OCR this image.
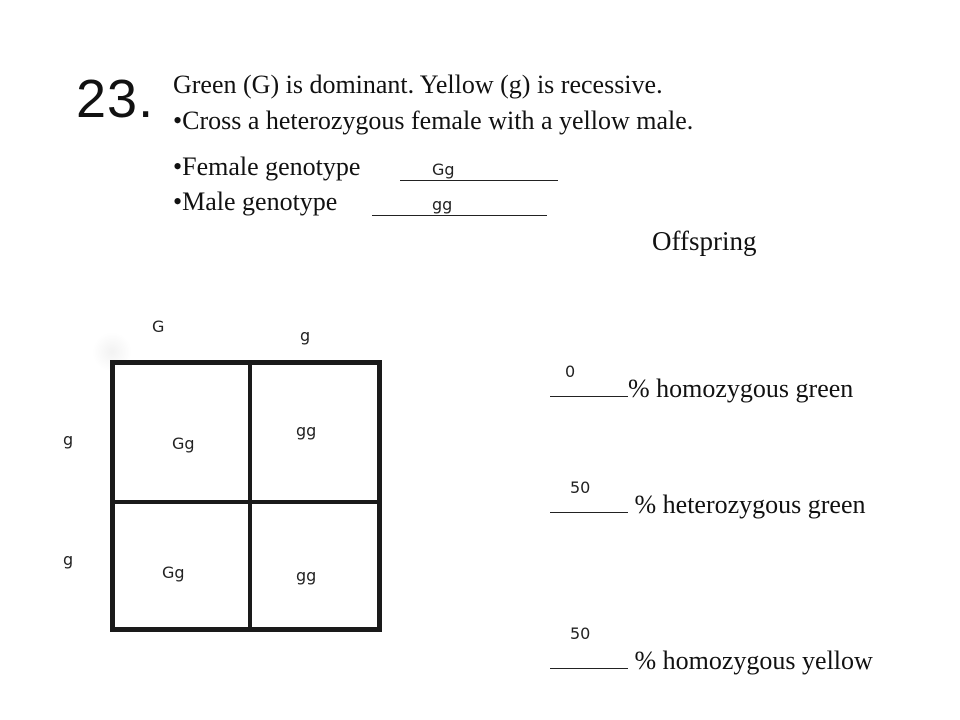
23. Green (G) is dominant. Yellow (g) is recessive.
•Cross a heterozygous female with a yellow male.
•Female genotype
•Male genotype
Gg
gg
Offspring
G	g
g
g
Gg
gg
Gg	gg
0
% homozygous green
50
% heterozygous green
50
% homozygous yellow
